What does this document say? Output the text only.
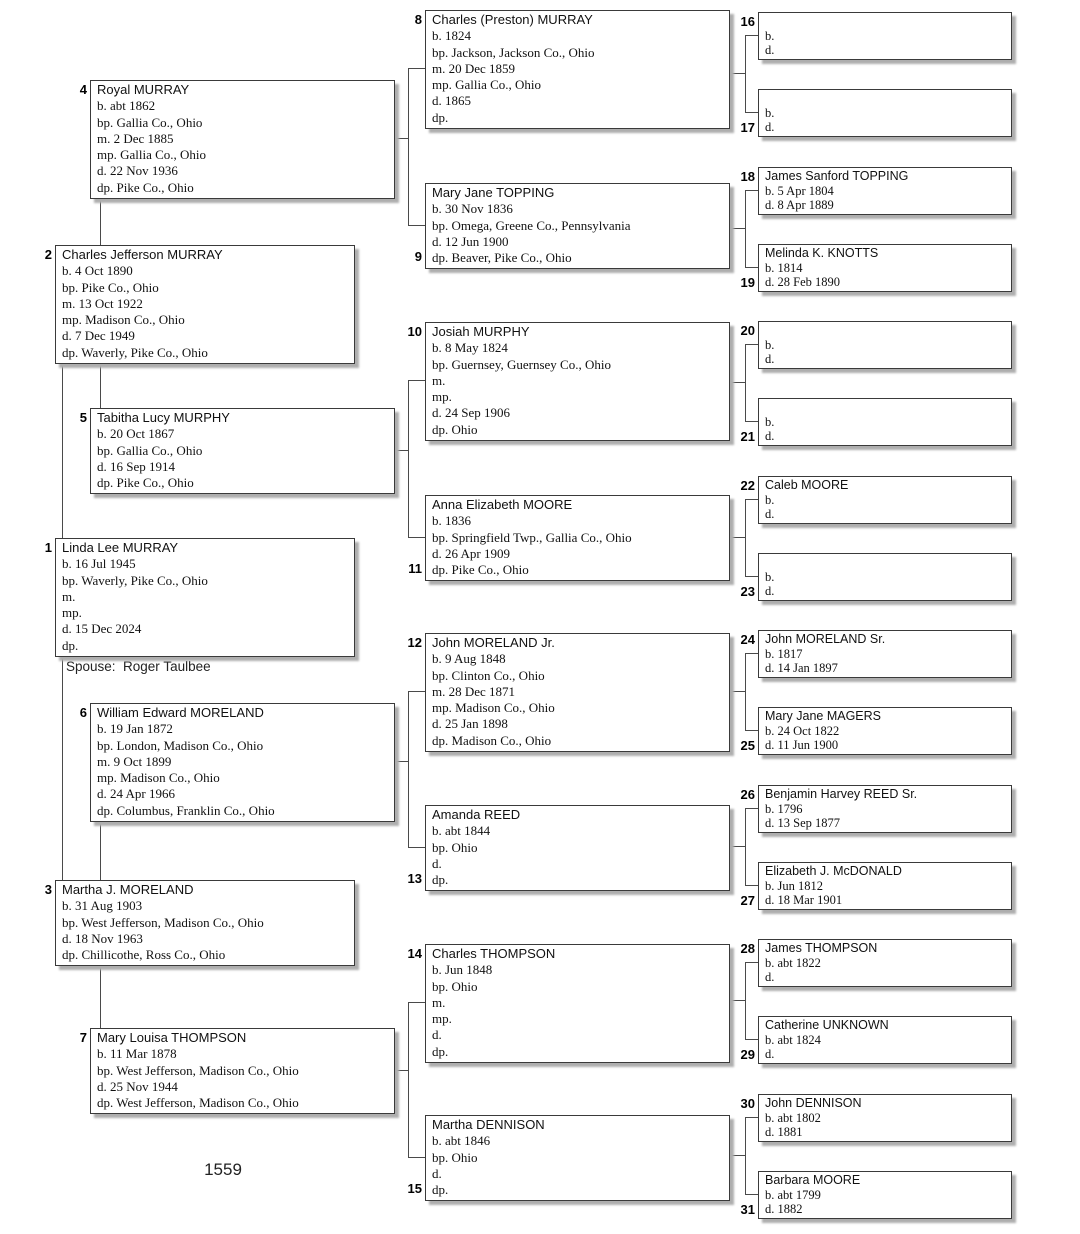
Royal MURRAY
b. abt 1862
bp. Gallia Co., Ohio
m. 2 Dec 1885
mp. Gallia Co., Ohio
d. 22 Nov 1936
dp. Pike Co., Ohio
4
Charles Jefferson MURRAY
b. 4 Oct 1890
bp. Pike Co., Ohio
m. 13 Oct 1922
mp. Madison Co., Ohio
d. 7 Dec 1949
dp. Waverly, Pike Co., Ohio
2
Tabitha Lucy MURPHY
b. 20 Oct 1867
bp. Gallia Co., Ohio
d. 16 Sep 1914
dp. Pike Co., Ohio
5
Linda Lee MURRAY
b. 16 Jul 1945
bp. Waverly, Pike Co., Ohio
m.
mp.
d. 15 Dec 2024
dp.
1
Spouse:  Roger Taulbee
William Edward MORELAND
b. 19 Jan 1872
bp. London, Madison Co., Ohio
m. 9 Oct 1899
mp. Madison Co., Ohio
d. 24 Apr 1966
dp. Columbus, Franklin Co., Ohio
6
Martha J. MORELAND
b. 31 Aug 1903
bp. West Jefferson, Madison Co., Ohio
d. 18 Nov 1963
dp. Chillicothe, Ross Co., Ohio
3
Mary Louisa THOMPSON
b. 11 Mar 1878
bp. West Jefferson, Madison Co., Ohio
d. 25 Nov 1944
dp. West Jefferson, Madison Co., Ohio
7
1559
Charles (Preston) MURRAY
b. 1824
bp. Jackson, Jackson Co., Ohio
m. 20 Dec 1859
mp. Gallia Co., Ohio
d. 1865
dp.
8
Mary Jane TOPPING
b. 30 Nov 1836
bp. Omega, Greene Co., Pennsylvania
d. 12 Jun 1900
dp. Beaver, Pike Co., Ohio
9
Josiah MURPHY
b. 8 May 1824
bp. Guernsey, Guernsey Co., Ohio
m.
mp.
d. 24 Sep 1906
dp. Ohio
10
Anna Elizabeth MOORE
b. 1836
bp. Springfield Twp., Gallia Co., Ohio
d. 26 Apr 1909
dp. Pike Co., Ohio
11
John MORELAND Jr.
b. 9 Aug 1848
bp. Clinton Co., Ohio
m. 28 Dec 1871
mp. Madison Co., Ohio
d. 25 Jan 1898
dp. Madison Co., Ohio
12
Amanda REED
b. abt 1844
bp. Ohio
d.
dp.
13
Charles THOMPSON
b. Jun 1848
bp. Ohio
m.
mp.
d.
dp.
14
Martha DENNISON
b. abt 1846
bp. Ohio
d.
dp.
15
b.
d.
16
b.
d.
17
James Sanford TOPPING
b. 5 Apr 1804
d. 8 Apr 1889
18
Melinda K. KNOTTS
b. 1814
d. 28 Feb 1890
19
b.
d.
20
b.
d.
21
Caleb MOORE
b.
d.
22
b.
d.
23
John MORELAND Sr.
b. 1817
d. 14 Jan 1897
24
Mary Jane MAGERS
b. 24 Oct 1822
d. 11 Jun 1900
25
Benjamin Harvey REED Sr.
b. 1796
d. 13 Sep 1877
26
Elizabeth J. McDONALD
b. Jun 1812
d. 18 Mar 1901
27
James THOMPSON
b. abt 1822
d.
28
Catherine UNKNOWN
b. abt 1824
d.
29
John DENNISON
b. abt 1802
d. 1881
30
Barbara MOORE
b. abt 1799
d. 1882
31
